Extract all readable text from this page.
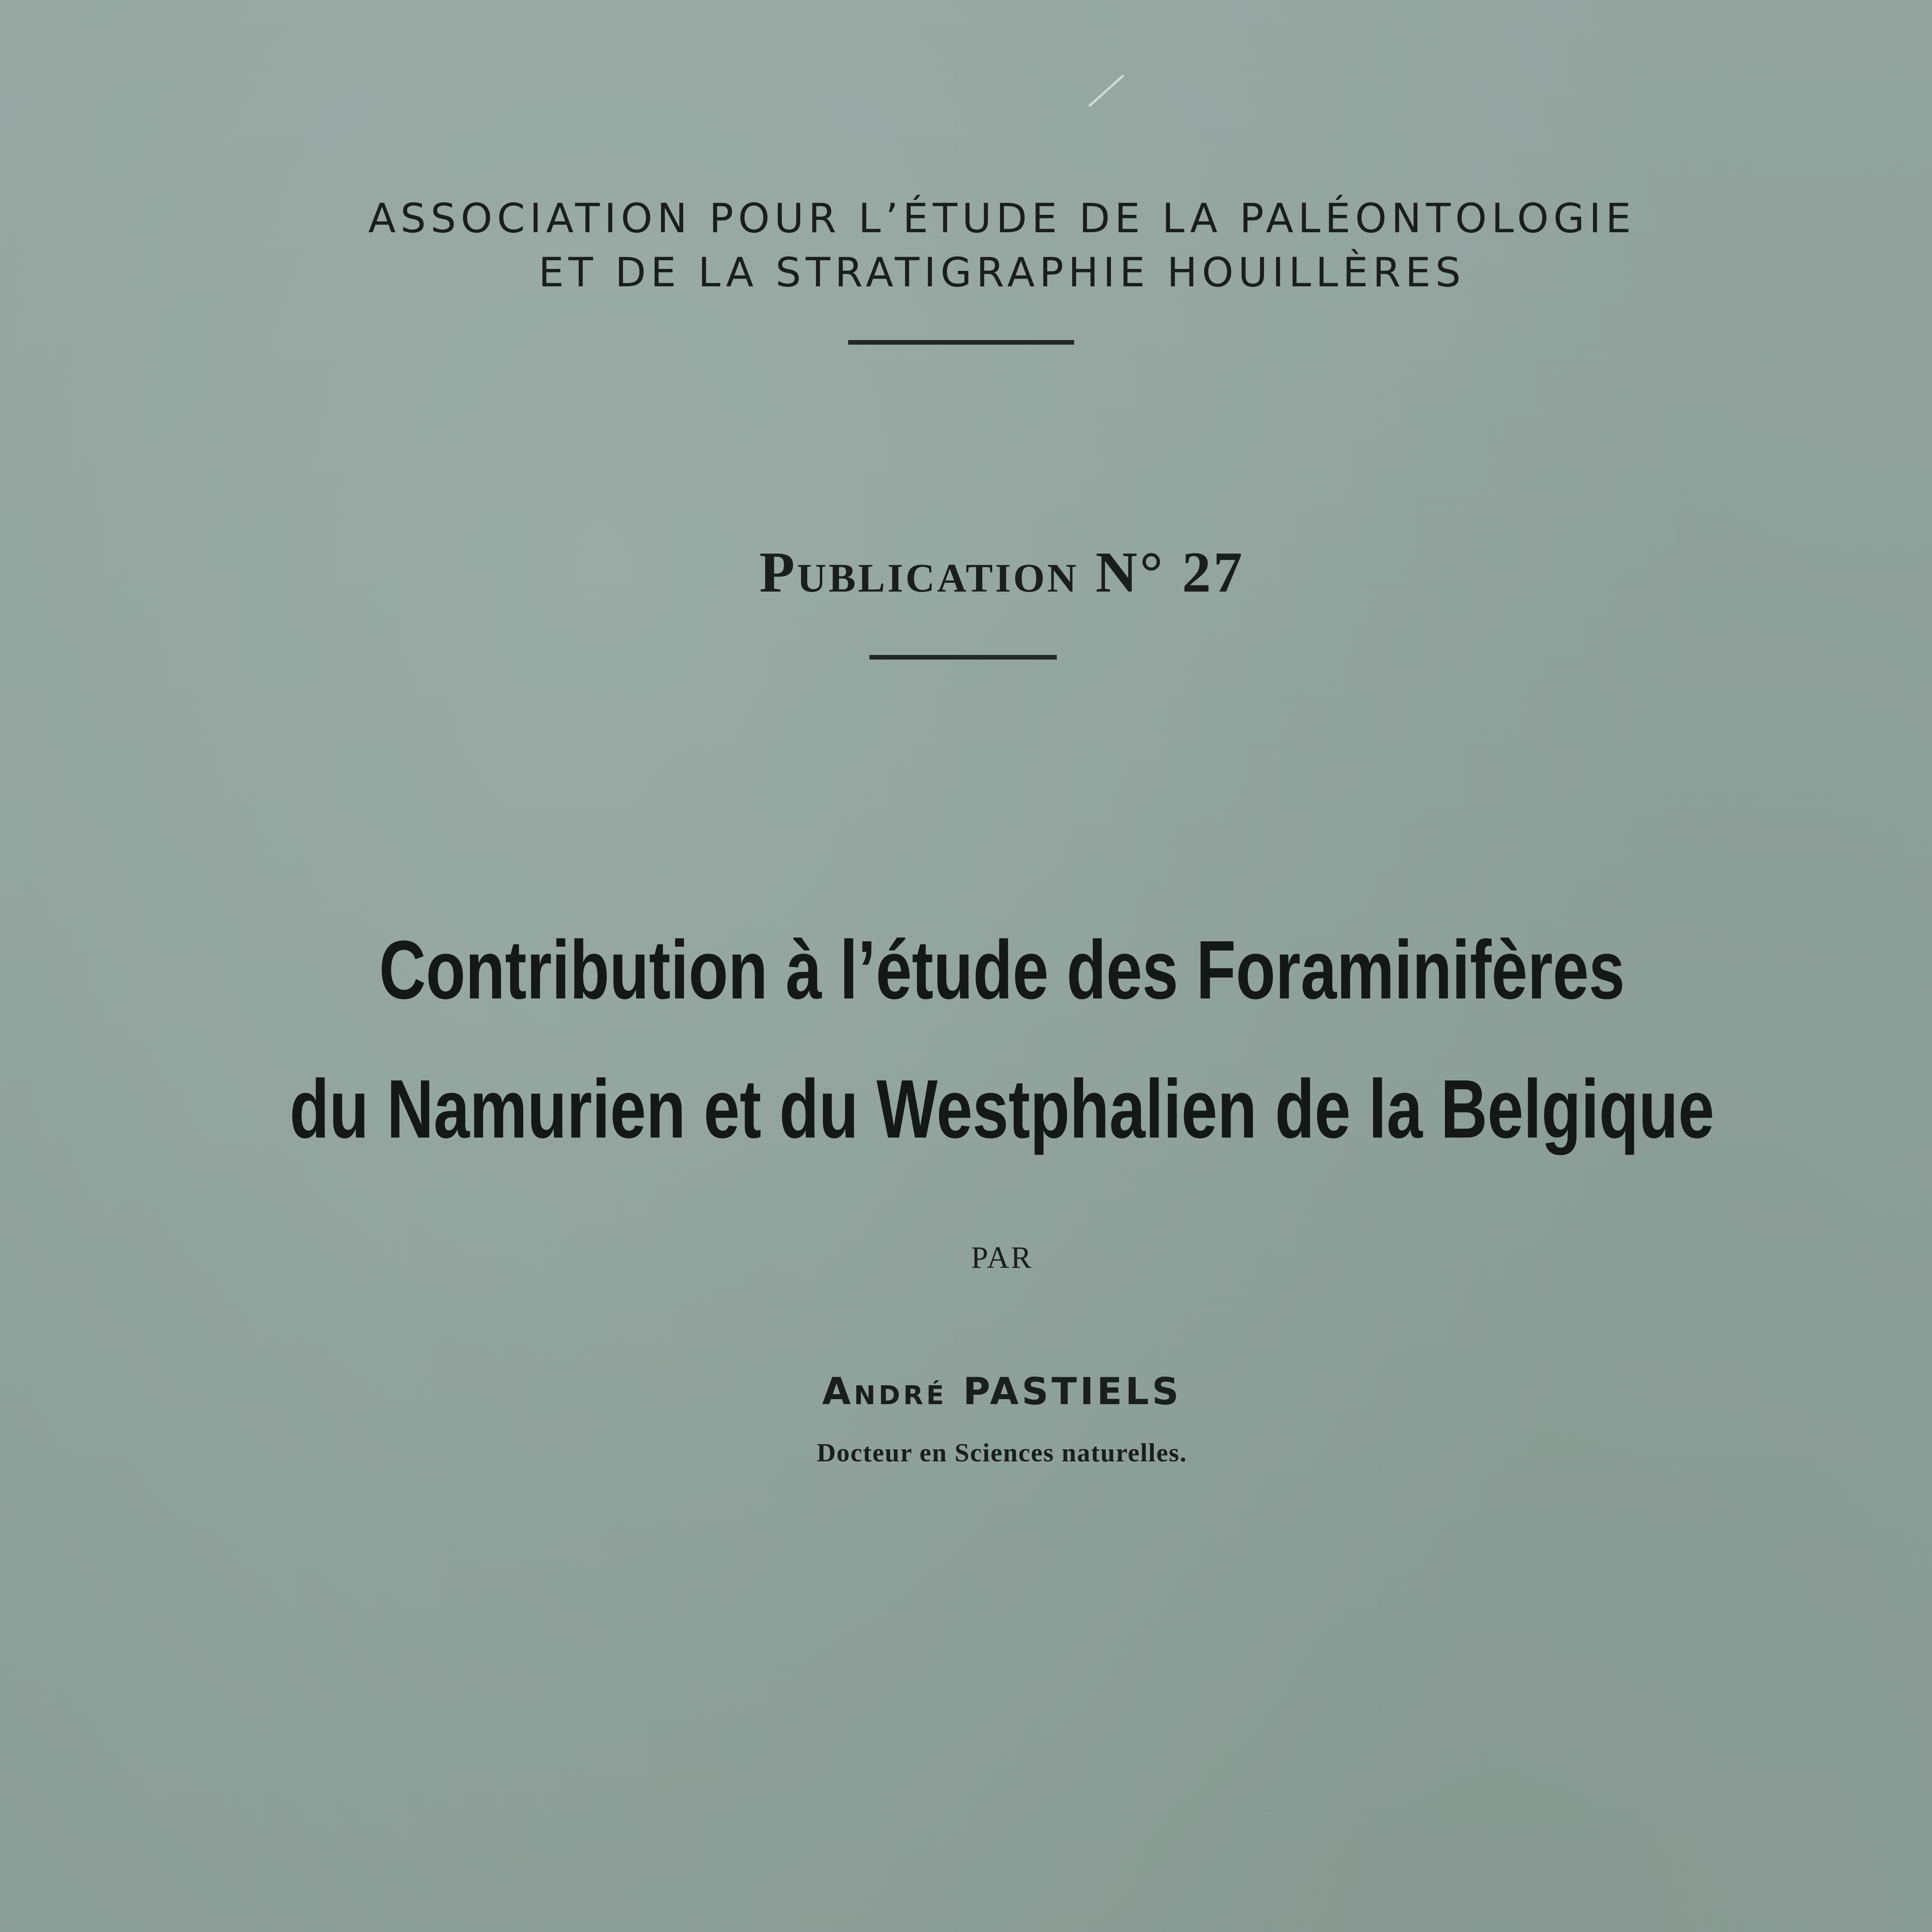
ASSOCIATION POUR L’ÉTUDE DE LA PALÉONTOLOGIE
ET DE LA STRATIGRAPHIE HOUILLÈRES
Publication N° 27
Contribution à l’étude des Foraminifères
du Namurien et du Westphalien de la Belgique
PAR
André PASTIELS
Docteur en Sciences naturelles.
